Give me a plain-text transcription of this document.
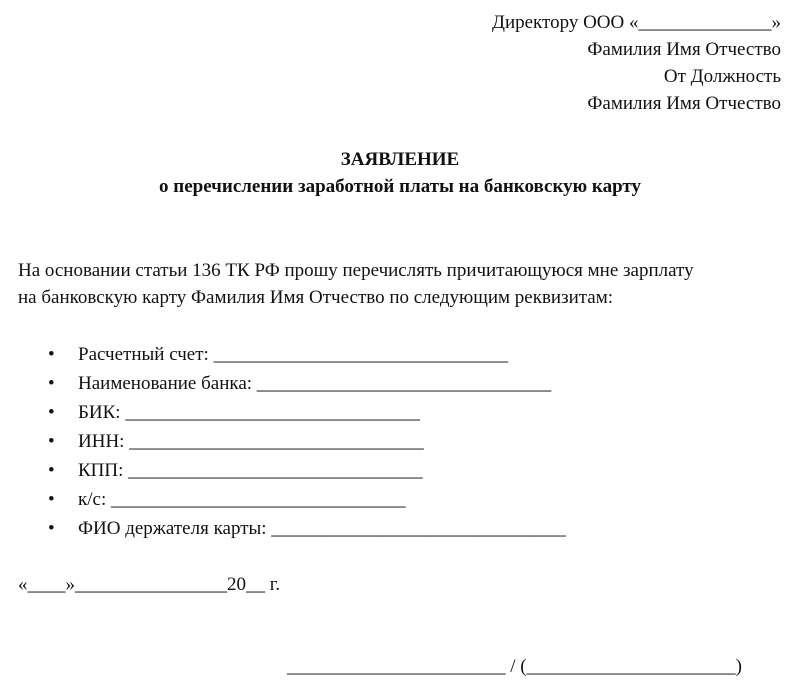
Директору ООО «______________»
Фамилия Имя Отчество
От Должность
Фамилия Имя Отчество
ЗАЯВЛЕНИЕ
о перечислении заработной платы на банковскую карту
На основании статьи 136 ТК РФ прошу перечислять причитающуюся мне зарплату
на банковскую карту Фамилия Имя Отчество по следующим реквизитам:
• Расчетный счет: _______________________________
• Наименование банка: _______________________________
• БИК: _______________________________
• ИНН: _______________________________
• КПП: _______________________________
• к/с: _______________________________
• ФИО держателя карты: _______________________________
«____»________________20__ г.
_______________________ / (______________________)
